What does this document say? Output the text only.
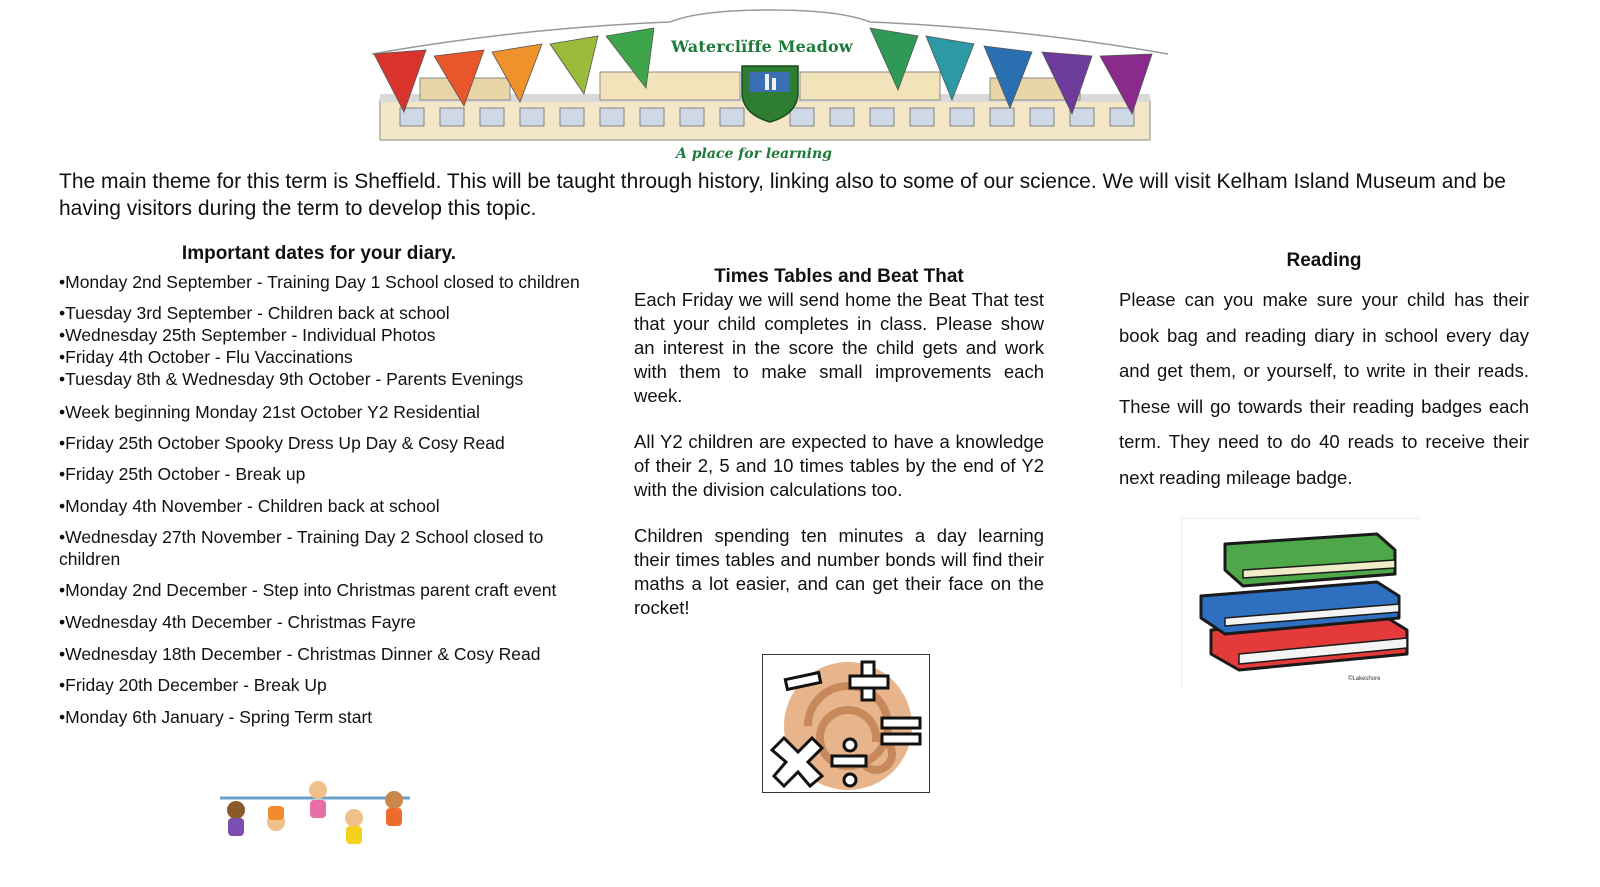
Waterclïffe Meadow
A place for learning
The main theme for this term is Sheffield. This will be taught through history, linking also to some of our science. We will visit Kelham Island Museum and be having visitors during the term to develop this topic.
Important dates for your diary.

•Monday 2nd September - Training Day 1 School closed to children

•Tuesday 3rd September - Children back at school

•Wednesday 25th September - Individual Photos

•Friday 4th October - Flu Vaccinations

•Tuesday 8th & Wednesday 9th October - Parents Evenings

•Week beginning Monday 21st October Y2 Residential

•Friday 25th October Spooky Dress Up Day & Cosy Read

•Friday 25th October - Break up

•Monday 4th November - Children back at school

•Wednesday 27th November - Training Day 2 School closed to children

•Monday 2nd December - Step into Christmas parent craft event

•Wednesday 4th December - Christmas Fayre

•Wednesday 18th December - Christmas Dinner & Cosy Read

•Friday 20th December - Break Up

•Monday 6th January - Spring Term start

Times Tables and Beat That

Each Friday we will send home the Beat That test that your child completes in class. Please show an interest in the score the child gets and work with them to make small improvements each week.

All Y2 children are expected to have a knowledge of their 2, 5 and 10 times tables by the end of Y2 with the division calculations too.

Children spending ten minutes a day learning their times tables and number bonds will find their maths a lot easier, and can get their face on the rocket!

Reading

Please can you make sure your child has their book bag and reading diary in school every day and get them, or yourself, to write in their reads. These will go towards their reading badges each term. They need to do 40 reads to receive their next reading mileage badge.

©Lakeshore
